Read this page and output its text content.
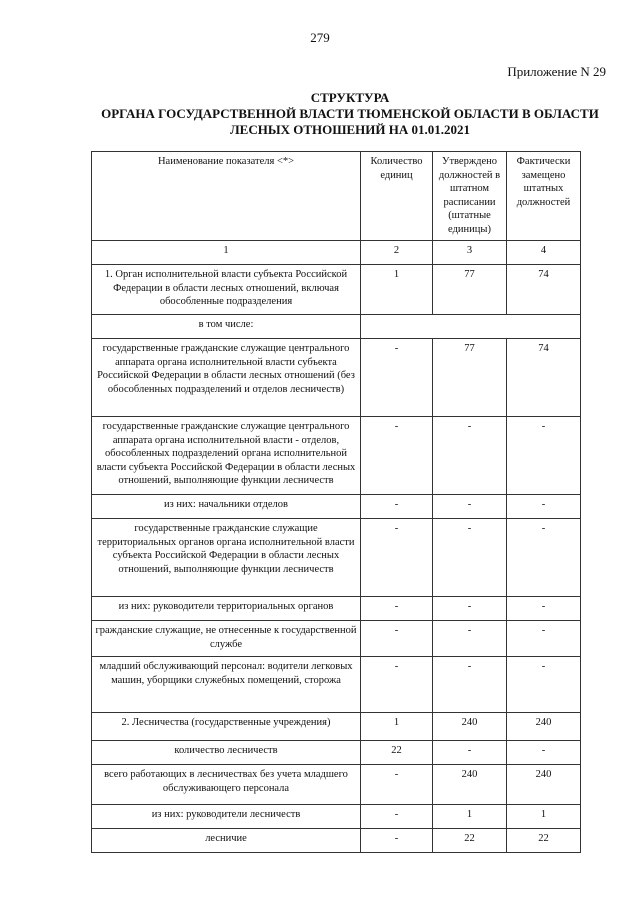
279
Приложение N 29
СТРУКТУРА
ОРГАНА ГОСУДАРСТВЕННОЙ ВЛАСТИ ТЮМЕНСКОЙ ОБЛАСТИ В ОБЛАСТИ
ЛЕСНЫХ ОТНОШЕНИЙ НА 01.01.2021
Наименование показателя <*>	Количество единиц	Утверждено должностей в штатном расписании (штатные единицы)	Фактически замещено штатных должностей
1	2	3	4
1. Орган исполнительной власти субъекта Российской Федерации в области лесных отношений, включая обособленные подразделения	1	77	74
в том числе:			
государственные гражданские служащие центрального аппарата органа исполнительной власти субъекта Российской Федерации в области лесных отношений (без обособленных подразделений и отделов лесничеств)	-	77	74
государственные гражданские служащие центрального аппарата органа исполнительной власти - отделов, обособленных подразделений органа исполнительной власти субъекта Российской Федерации в области лесных отношений, выполняющие функции лесничеств	-	-	-
из них: начальники отделов	-	-	-
государственные гражданские служащие территориальных органов органа исполнительной власти субъекта Российской Федерации в области лесных отношений, выполняющие функции лесничеств	-	-	-
из них: руководители территориальных органов	-	-	-
гражданские служащие, не отнесенные к государственной службе	-	-	-
младший обслуживающий персонал: водители легковых машин, уборщики служебных помещений, сторожа	-	-	-
2. Лесничества (государственные учреждения)	1	240	240
количество лесничеств	22	-	-
всего работающих в лесничествах без учета младшего обслуживающего персонала	-	240	240
из них: руководители лесничеств	-	1	1
лесничие	-	22	22
